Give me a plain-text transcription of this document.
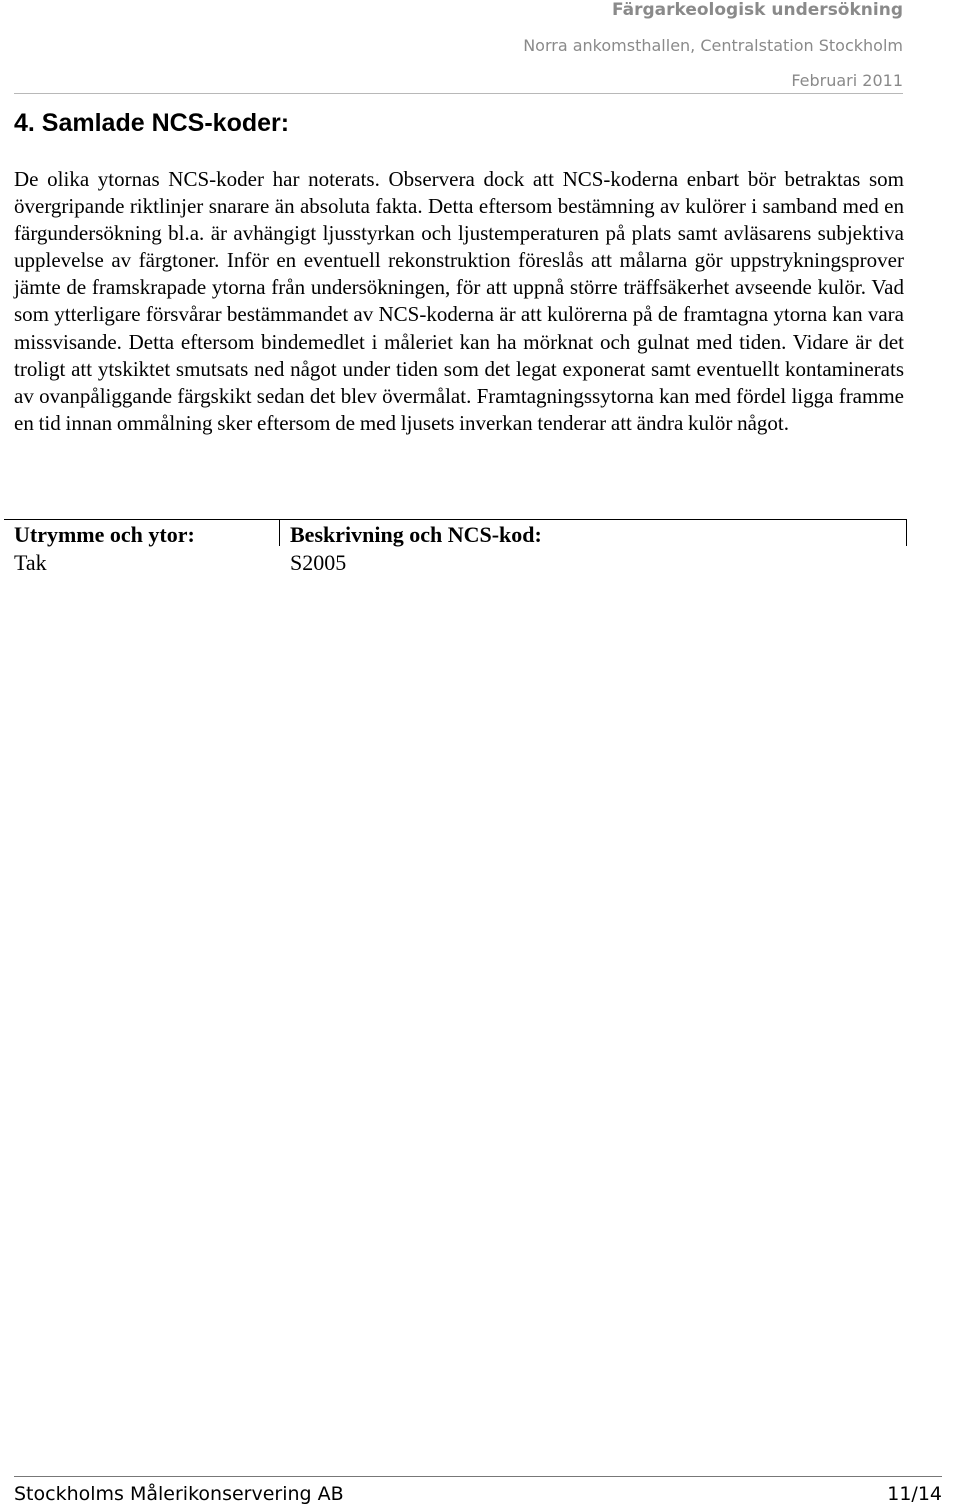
Färgarkeologisk undersökning
Norra ankomsthallen, Centralstation Stockholm
Februari 2011
4. Samlade NCS-koder:

De olika ytornas NCS-koder har noterats. Observera dock att NCS-koderna enbart bör betraktas som övergripande riktlinjer snarare än absoluta fakta. Detta eftersom bestämning av kulörer i samband med en färgundersökning bl.a. är avhängigt ljusstyrkan och ljustemperaturen på plats samt avläsarens subjektiva upplevelse av färgtoner. Inför en eventuell rekonstruktion föreslås att målarna gör uppstrykningsprover jämte de framskrapade ytorna från undersökningen, för att uppnå större träffsäkerhet avseende kulör. Vad som ytterligare försvårar bestämmandet av NCS-koderna är att kulörerna på de framtagna ytorna kan vara missvisande. Detta eftersom bindemedlet i måleriet kan ha mörknat och gulnat med tiden. Vidare är det troligt att ytskiktet smutsats ned något under tiden som det legat exponerat samt eventuellt kontaminerats av ovanpåliggande färgskikt sedan det blev övermålat. Framtagningssytorna kan med fördel ligga framme en tid innan ommålning sker eftersom de med ljusets inverkan tenderar att ändra kulör något.

Utrymme och ytor:	Beskrivning och NCS-kod:
Tak	S2005
Stockholms Målerikonservering AB	11/14
